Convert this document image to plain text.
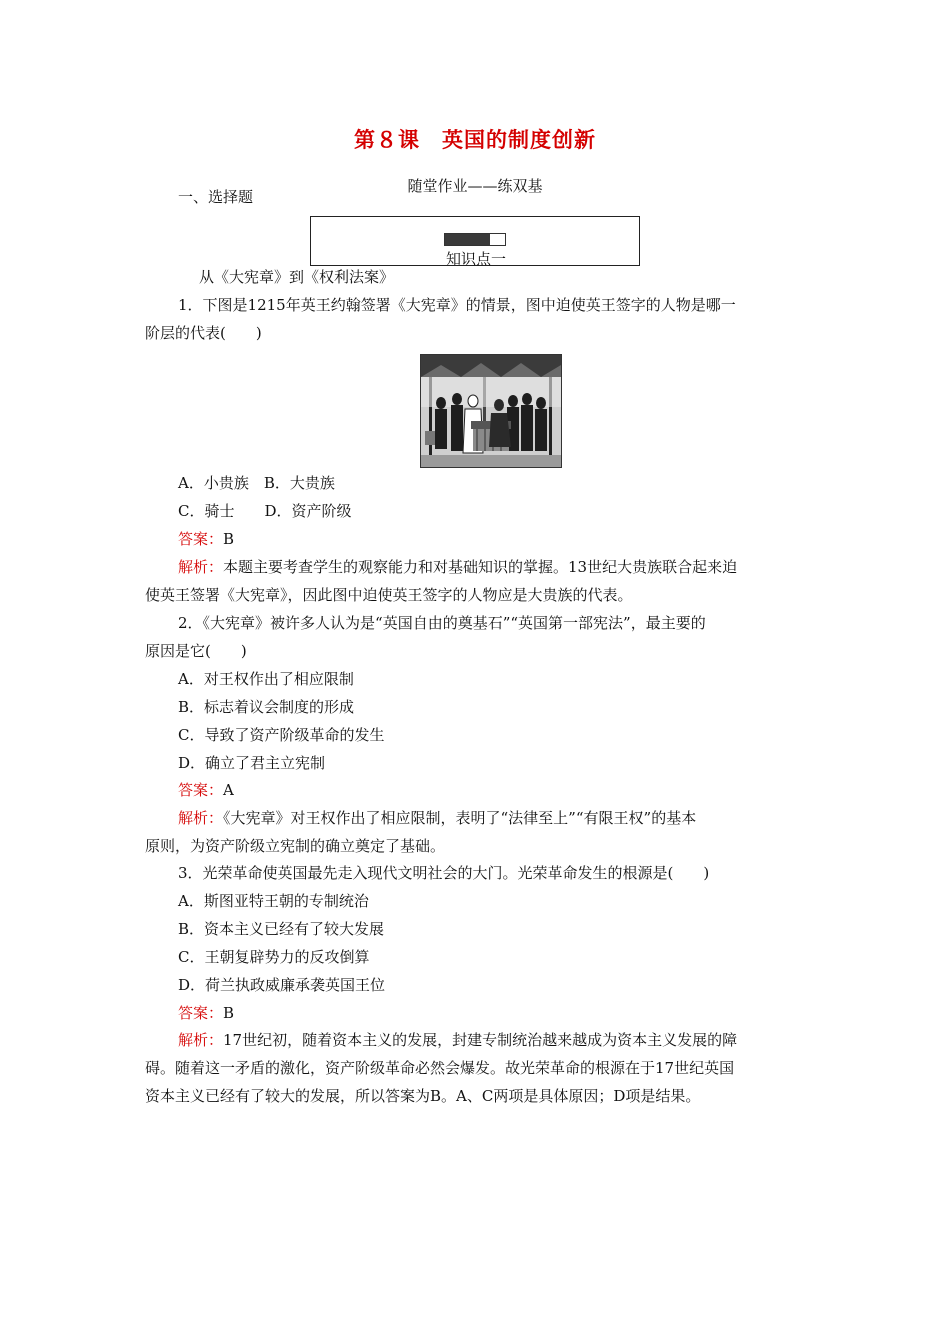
第８课　英国的制度创新
随堂作业——练双基
一、选择题
知识点一
从《大宪章》到《权利法案》
1．下图是1215年英王约翰签署《大宪章》的情景，图中迫使英王签字的人物是哪一
阶层的代表(　　)
A．小贵族　B．大贵族
C．骑士　　D．资产阶级
答案：B
解析：本题主要考查学生的观察能力和对基础知识的掌握。13世纪大贵族联合起来迫
使英王签署《大宪章》，因此图中迫使英王签字的人物应是大贵族的代表。
2．《大宪章》被许多人认为是“英国自由的奠基石”“英国第一部宪法”，最主要的
原因是它(　　)
A．对王权作出了相应限制
B．标志着议会制度的形成
C．导致了资产阶级革命的发生
D．确立了君主立宪制
答案：A
解析：《大宪章》对王权作出了相应限制，表明了“法律至上”“有限王权”的基本
原则，为资产阶级立宪制的确立奠定了基础。
3．光荣革命使英国最先走入现代文明社会的大门。光荣革命发生的根源是(　　)
A．斯图亚特王朝的专制统治
B．资本主义已经有了较大发展
C．王朝复辟势力的反攻倒算
D．荷兰执政威廉承袭英国王位
答案：B
解析：17世纪初，随着资本主义的发展，封建专制统治越来越成为资本主义发展的障
碍。随着这一矛盾的激化，资产阶级革命必然会爆发。故光荣革命的根源在于17世纪英国
资本主义已经有了较大的发展，所以答案为B。A、C两项是具体原因；D项是结果。
